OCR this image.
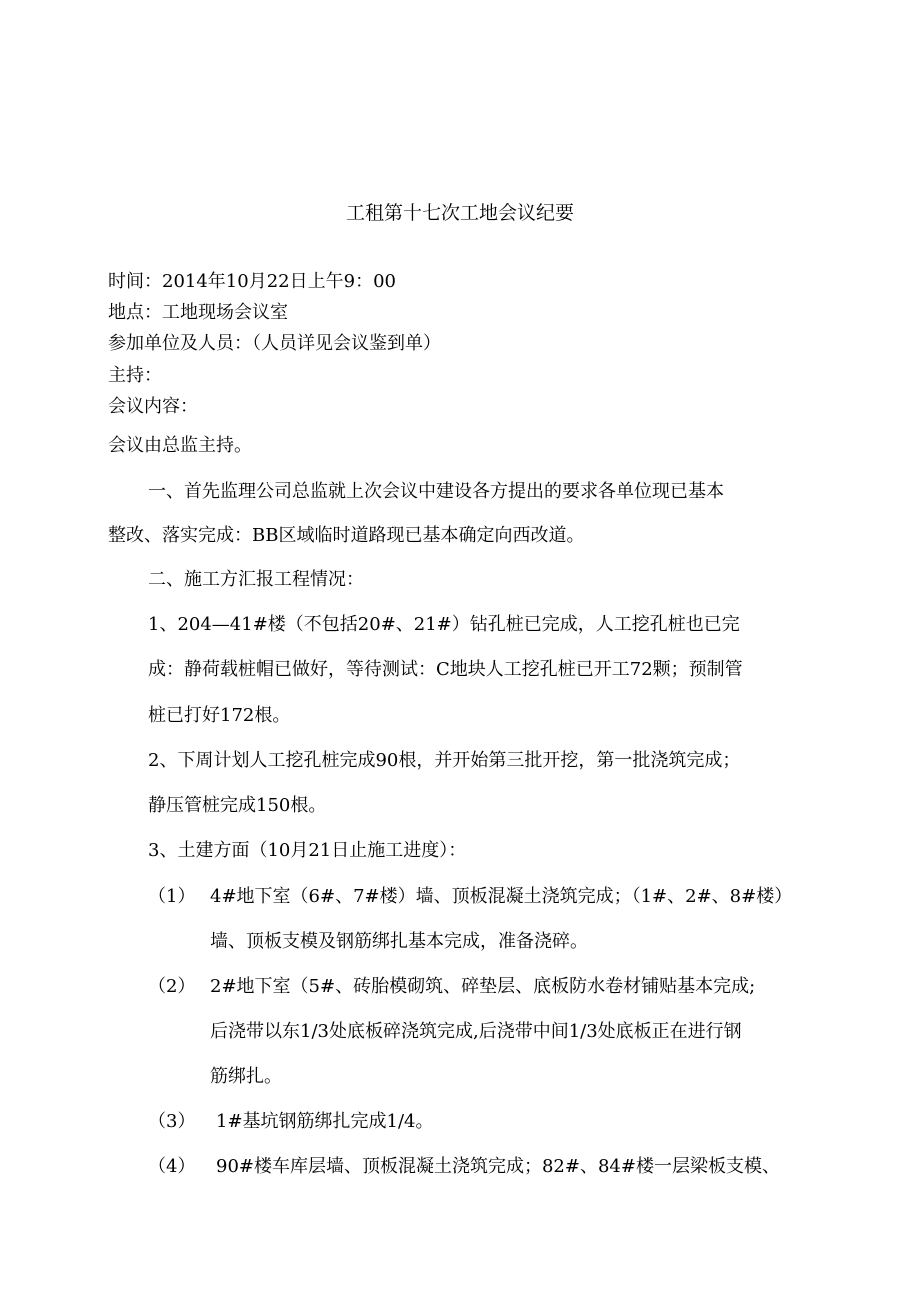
工租第十七次工地会议纪要
时间：2014年10月22日上午9：00
地点：工地现场会议室
参加单位及人员：（人员详见会议鉴到单）
主持：
会议内容：
会议由总监主持。
一、首先监理公司总监就上次会议中建设各方提出的要求各单位现已基本
整改、落实完成：BB区域临时道路现已基本确定向西改道。
二、施工方汇报工程情况：
1、204—41#楼（不包括20#、21#）钻孔桩已完成，人工挖孔桩也已完
成：静荷载桩帽已做好，等待测试：C地块人工挖孔桩已开工72颗；预制管
桩已打好172根。
2、下周计划人工挖孔桩完成90根，并开始第三批开挖，第一批浇筑完成；
静压管桩完成150根。
3、土建方面（10月21日止施工进度）：
（1） 4#地下室（6#、7#楼）墙、顶板混凝土浇筑完成；（1#、2#、8#楼）
墙、顶板支模及钢筋绑扎基本完成，准备浇碎。
（2） 2#地下室（5#、砖胎模砌筑、碎垫层、底板防水卷材铺贴基本完成;
后浇带以东1/3处底板碎浇筑完成,后浇带中间1/3处底板正在进行钢
筋绑扎。
（3） 1#基坑钢筋绑扎完成1/4。
（4） 90#楼车库层墙、顶板混凝土浇筑完成；82#、84#楼一层梁板支模、
